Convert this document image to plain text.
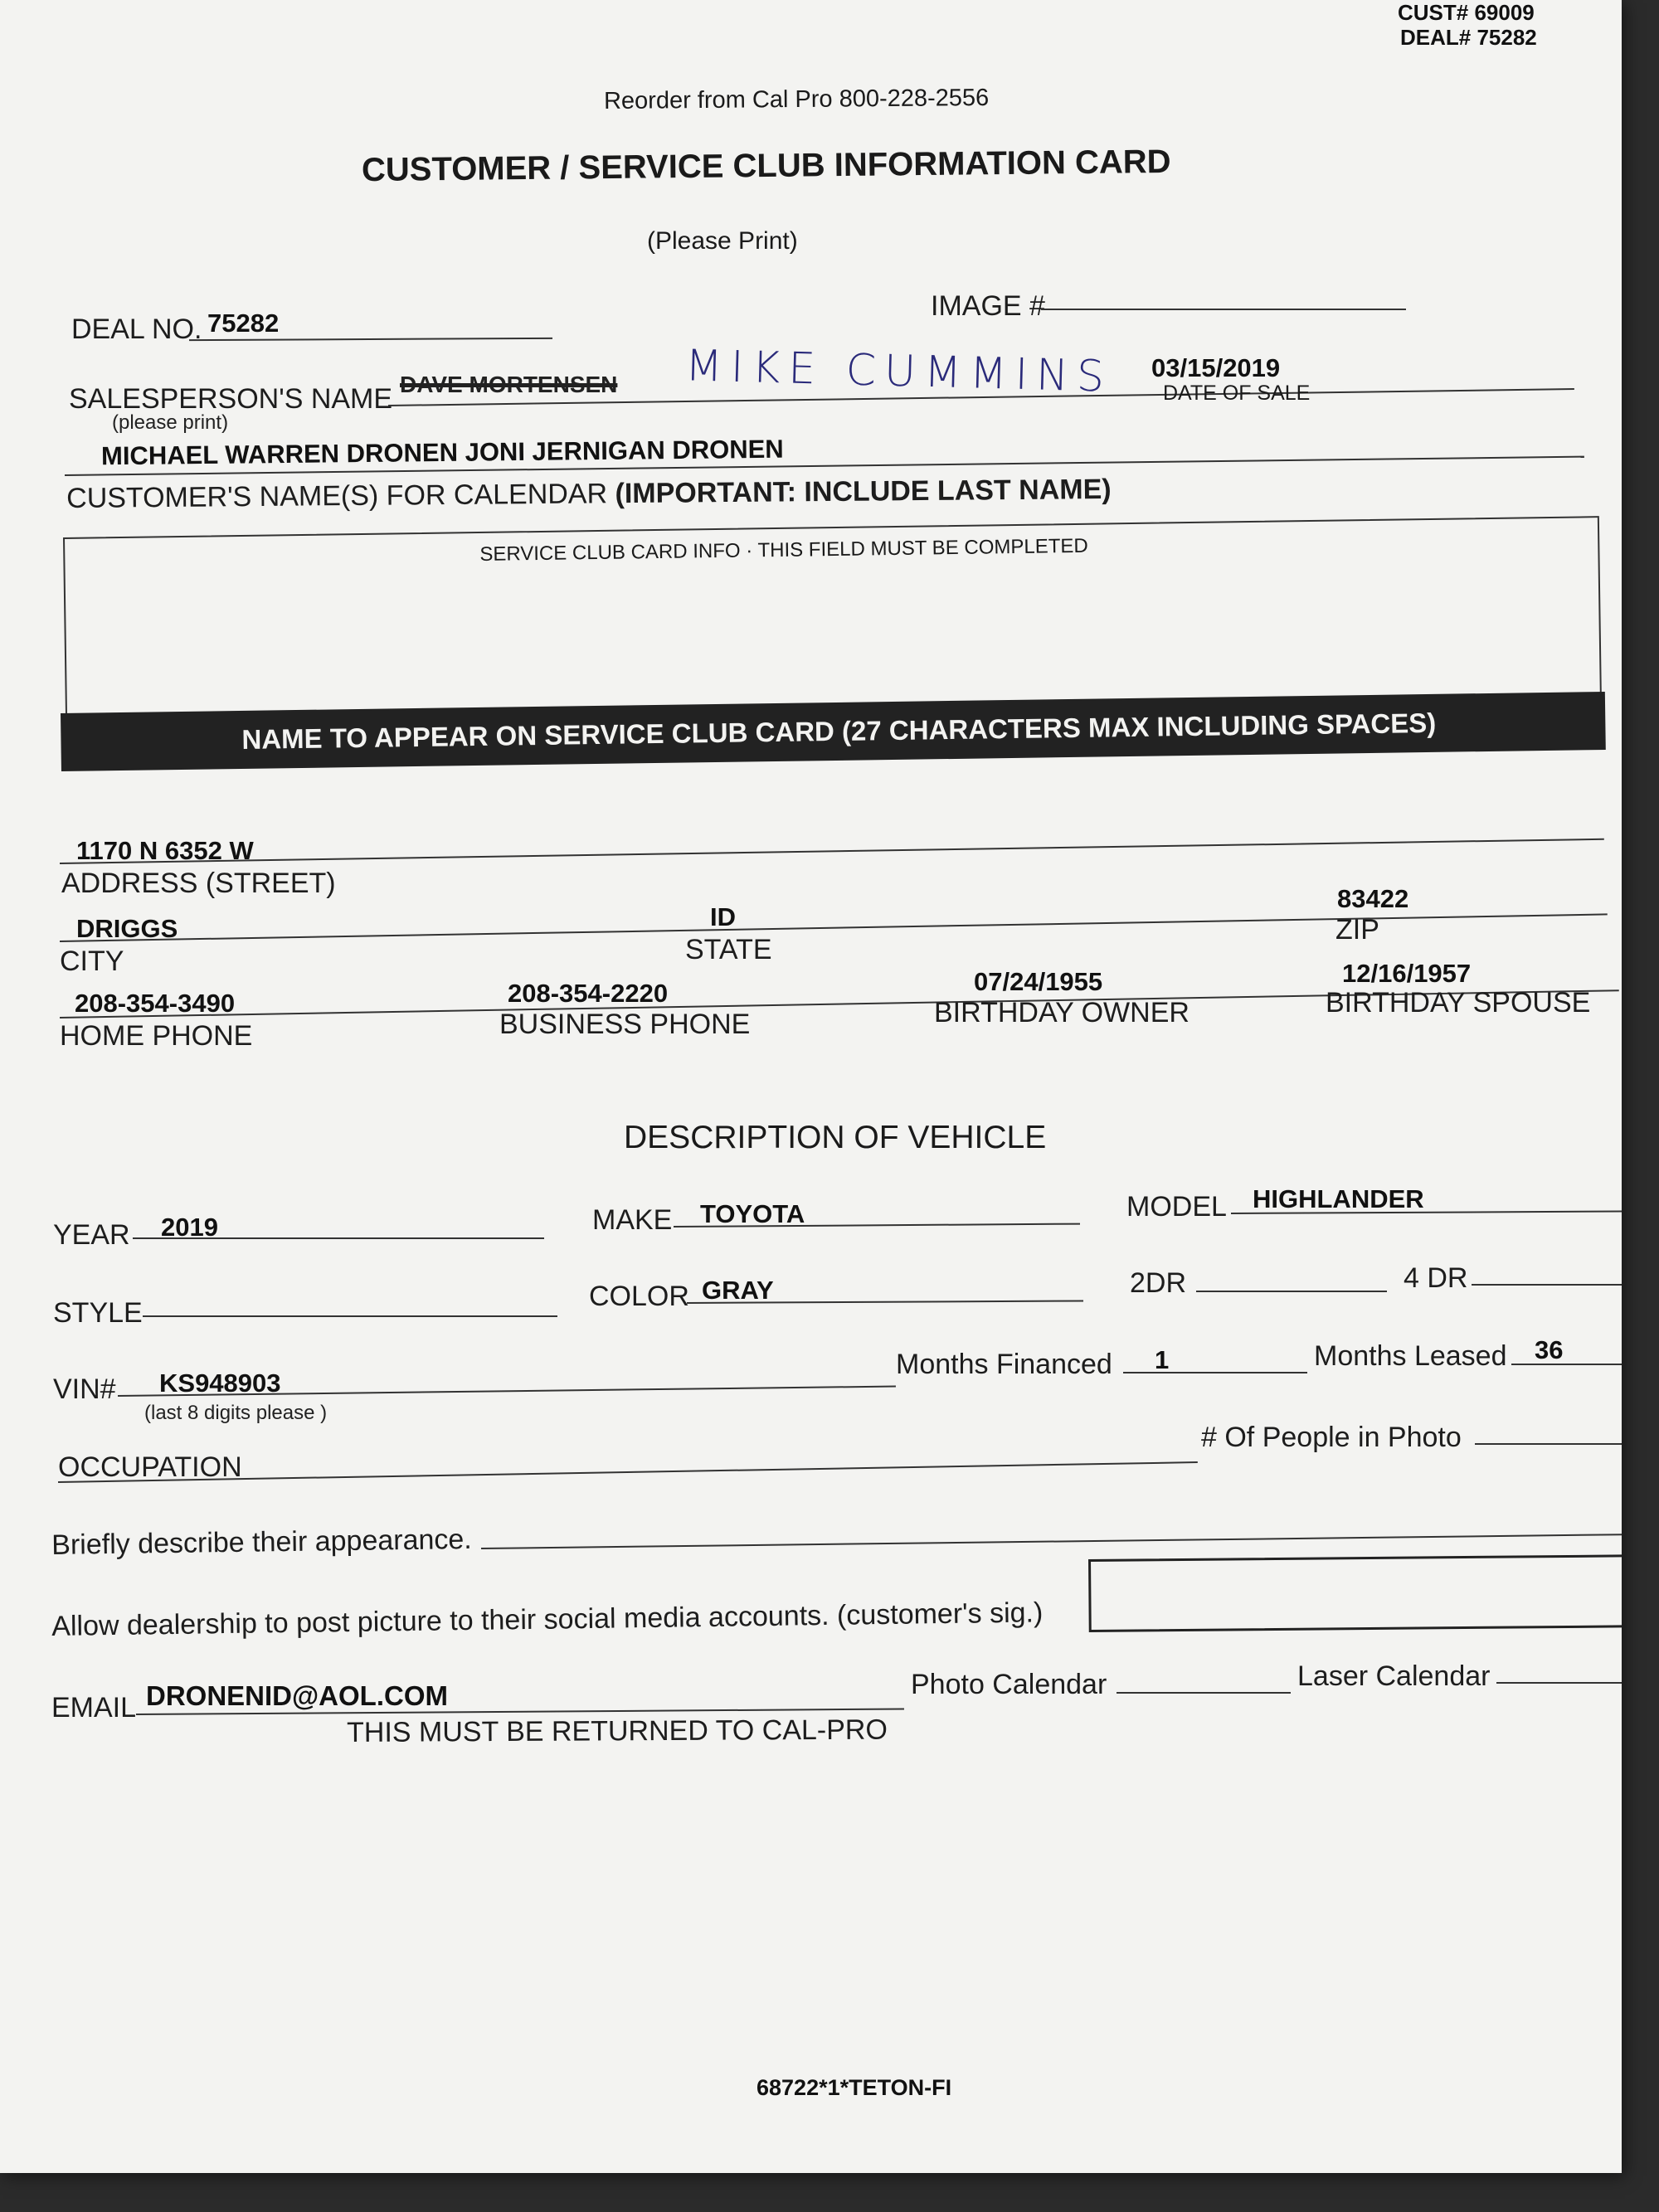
CUST# 69009
DEAL# 75282
Reorder from Cal Pro 800-228-2556
CUSTOMER / SERVICE CLUB INFORMATION CARD
(Please Print)
DEAL NO. 75282
IMAGE #
SALESPERSON'S NAME
(please print)
DAVE MORTENSEN MIKE CUMMINS 03/15/2019
DATE OF SALE
MICHAEL WARREN DRONEN JONI JERNIGAN DRONEN
CUSTOMER'S NAME(S) FOR CALENDAR (IMPORTANT: INCLUDE LAST NAME)
SERVICE CLUB CARD INFO · THIS FIELD MUST BE COMPLETED
NAME TO APPEAR ON SERVICE CLUB CARD (27 CHARACTERS MAX INCLUDING SPACES)
1170 N 6352 W
ADDRESS (STREET)
DRIGGS	ID
83422
CITY	STATE
ZIP
208-354-3490	208-354-2220	07/24/1955	12/16/1957
HOME PHONE	BUSINESS PHONE	BIRTHDAY OWNER	BIRTHDAY SPOUSE
DESCRIPTION OF VEHICLE
YEAR 2019	MAKE TOYOTA	MODEL HIGHLANDER
STYLE
COLOR GRAY	2DR	4 DR
VIN# KS948903
(last 8 digits please )
Months Financed 1	Months Leased 36
OCCUPATION
# Of People in Photo
Briefly describe their appearance.
Allow dealership to post picture to their social media accounts. (customer's sig.)
EMAIL DRONENID@AOL.COM	Photo Calendar	Laser Calendar
THIS MUST BE RETURNED TO CAL-PRO
68722*1*TETON-FI
